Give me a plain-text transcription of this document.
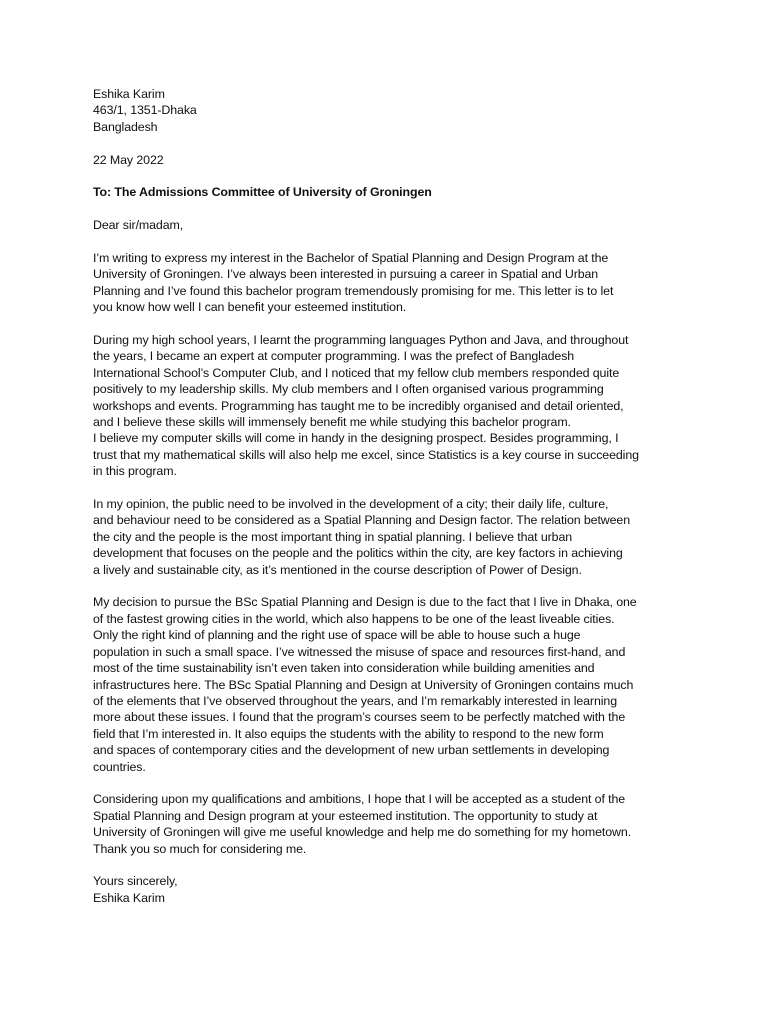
Eshika Karim
463/1, 1351-Dhaka
Bangladesh
22 May 2022
To: The Admissions Committee of University of Groningen
Dear sir/madam,

I’m writing to express my interest in the Bachelor of Spatial Planning and Design Program at the
University of Groningen. I’ve always been interested in pursuing a career in Spatial and Urban
Planning and I’ve found this bachelor program tremendously promising for me. This letter is to let
you know how well I can benefit your esteemed institution.

During my high school years, I learnt the programming languages Python and Java, and throughout
the years, I became an expert at computer programming. I was the prefect of Bangladesh
International School’s Computer Club, and I noticed that my fellow club members responded quite
positively to my leadership skills. My club members and I often organised various programming
workshops and events. Programming has taught me to be incredibly organised and detail oriented,
and I believe these skills will immensely benefit me while studying this bachelor program.
I believe my computer skills will come in handy in the designing prospect. Besides programming, I
trust that my mathematical skills will also help me excel, since Statistics is a key course in succeeding
in this program.

In my opinion, the public need to be involved in the development of a city; their daily life, culture,
and behaviour need to be considered as a Spatial Planning and Design factor. The relation between
the city and the people is the most important thing in spatial planning. I believe that urban
development that focuses on the people and the politics within the city, are key factors in achieving
a lively and sustainable city, as it’s mentioned in the course description of Power of Design.

My decision to pursue the BSc Spatial Planning and Design is due to the fact that I live in Dhaka, one
of the fastest growing cities in the world, which also happens to be one of the least liveable cities.
Only the right kind of planning and the right use of space will be able to house such a huge
population in such a small space. I’ve witnessed the misuse of space and resources first-hand, and
most of the time sustainability isn’t even taken into consideration while building amenities and
infrastructures here. The BSc Spatial Planning and Design at University of Groningen contains much
of the elements that I’ve observed throughout the years, and I’m remarkably interested in learning
more about these issues. I found that the program’s courses seem to be perfectly matched with the
field that I’m interested in. It also equips the students with the ability to respond to the new form
and spaces of contemporary cities and the development of new urban settlements in developing
countries.

Considering upon my qualifications and ambitions, I hope that I will be accepted as a student of the
Spatial Planning and Design program at your esteemed institution. The opportunity to study at
University of Groningen will give me useful knowledge and help me do something for my hometown.
Thank you so much for considering me.

Yours sincerely,
Eshika Karim
